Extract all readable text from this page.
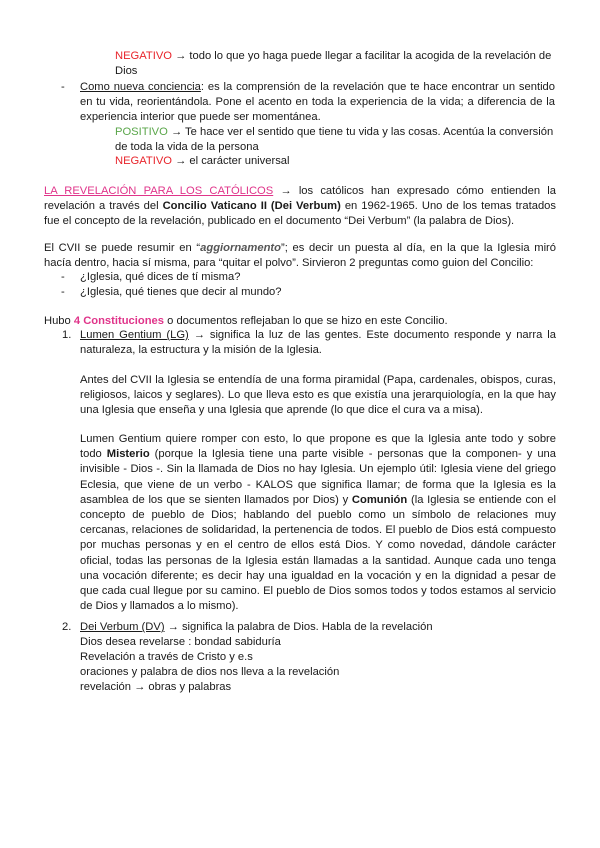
NEGATIVO → todo lo que yo haga puede llegar a facilitar la acogida de la revelación de Dios

- Como nueva conciencia: es la comprensión de la revelación que te hace encontrar un sentido en tu vida, reorientándola. Pone el acento en toda la experiencia de la vida; a diferencia de la experiencia interior que puede ser momentánea.

POSITIVO → Te hace ver el sentido que tiene tu vida y las cosas. Acentúa la conversión de toda la vida de la persona

NEGATIVO → el carácter universal

LA REVELACIÓN PARA LOS CATÓLICOS → los católicos han expresado cómo entienden la revelación a través del Concilio Vaticano II (Dei Verbum) en 1962-1965. Uno de los temas tratados fue el concepto de la revelación, publicado en el documento “Dei Verbum” (la palabra de Dios).

El CVII se puede resumir en “aggiornamento”; es decir un puesta al día, en la que la Iglesia miró hacía dentro, hacia sí misma, para “quitar el polvo”. Sirvieron 2 preguntas como guion del Concilio:

- ¿Iglesia, qué dices de tí misma?

- ¿Iglesia, qué tienes que decir al mundo?

Hubo 4 Constituciones o documentos reflejaban lo que se hizo en este Concilio.

1. Lumen Gentium (LG) → significa la luz de las gentes. Este documento responde y narra la naturaleza, la estructura y la misión de la Iglesia.

Antes del CVII la Iglesia se entendía de una forma piramidal (Papa, cardenales, obispos, curas, religiosos, laicos y seglares). Lo que lleva esto es que existía una jerarquiología, en la que hay una Iglesia que enseña y una Iglesia que aprende (lo que dice el cura va a misa).

Lumen Gentium quiere romper con esto, lo que propone es que la Iglesia ante todo y sobre todo Misterio (porque la Iglesia tiene una parte visible - personas que la componen- y una invisible - Dios -. Sin la llamada de Dios no hay Iglesia. Un ejemplo útil: Iglesia viene del griego Eclesia, que viene de un verbo - KALOS que significa llamar; de forma que la Iglesia es la asamblea de los que se sienten llamados por Dios) y Comunión (la Iglesia se entiende con el concepto de pueblo de Dios; hablando del pueblo como un símbolo de relaciones muy cercanas, relaciones de solidaridad, la pertenencia de todos. El pueblo de Dios está compuesto por muchas personas y en el centro de ellos está Dios. Y como novedad, dándole carácter oficial, todas las personas de la Iglesia están llamadas a la santidad. Aunque cada uno tenga una vocación diferente; es decir hay una igualdad en la vocación y en la dignidad a pesar de que cada cual llegue por su camino. El pueblo de Dios somos todos y todos estamos al servicio de Dios y llamados a lo mismo).

2. Dei Verbum (DV) → significa la palabra de Dios. Habla de la revelación

Dios desea revelarse : bondad sabiduría

Revelación a través de Cristo y e.s

oraciones y palabra de dios nos lleva a la revelación

revelación → obras y palabras
